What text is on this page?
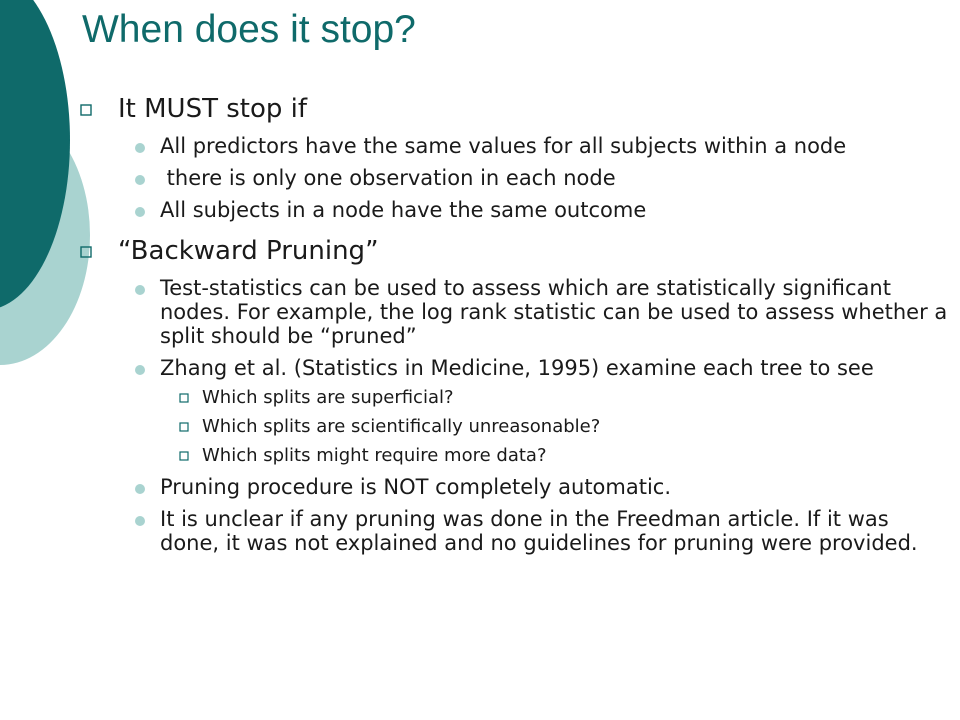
When does it stop?
It MUST stop if
All predictors have the same values for all subjects within a node
there is only one observation in each node
All subjects in a node have the same outcome
“Backward Pruning”
Test-statistics can be used to assess which are statistically significant nodes. For example, the log rank statistic can be used to assess whether a split should be “pruned”
Zhang et al. (Statistics in Medicine, 1995) examine each tree to see
Which splits are superficial?
Which splits are scientifically unreasonable?
Which splits might require more data?
Pruning procedure is NOT completely automatic.
It is unclear if any pruning was done in the Freedman article. If it was done, it was not explained and no guidelines for pruning were provided.
